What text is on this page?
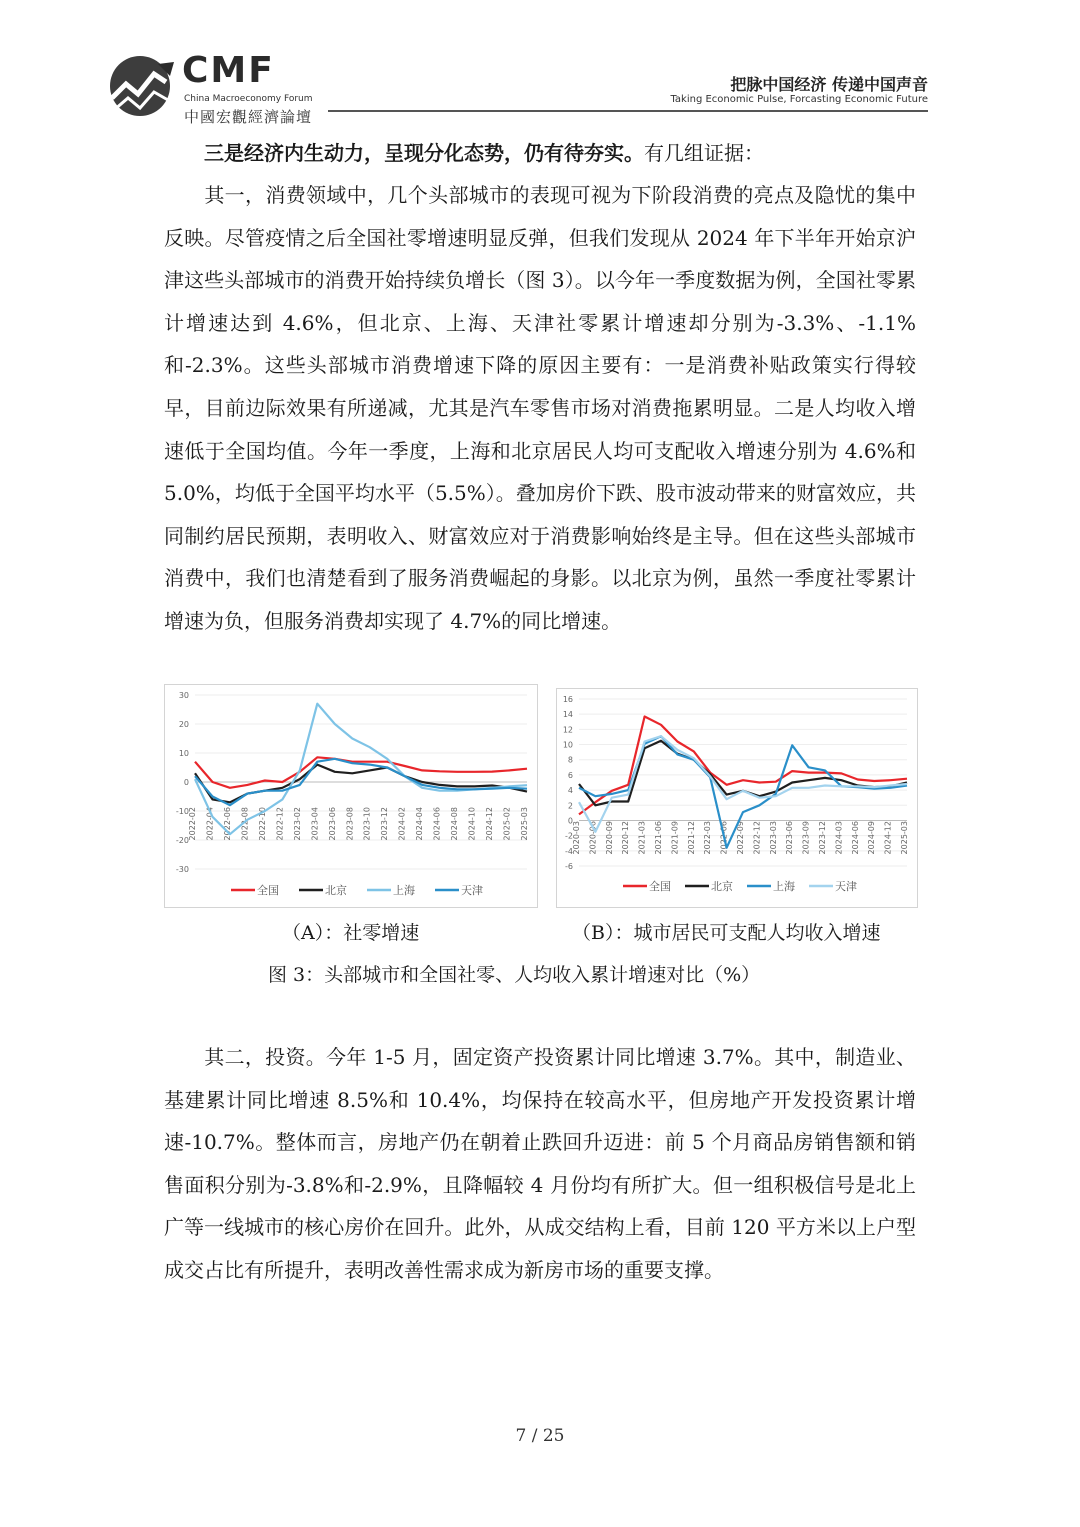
CMF
China Macroeconomy Forum
中國宏觀經濟論壇
把脉中国经济 传递中国声音
Taking Economic Pulse, Forcasting Economic Future
  三是经济内生动力，呈现分化态势，仍有待夯实。有几组证据：
  其一，消费领域中，几个头部城市的表现可视为下阶段消费的亮点及隐忧的集中反映。尽管疫情之后全国社零增速明显反弹，但我们发现从 2024 年下半年开始京沪津这些头部城市的消费开始持续负增长（图 3）。以今年一季度数据为例，全国社零累计增速达到 4.6%，但北京、上海、天津社零累计增速却分别为-3.3%、-1.1%和-2.3%。这些头部城市消费增速下降的原因主要有：一是消费补贴政策实行得较早，目前边际效果有所递减，尤其是汽车零售市场对消费拖累明显。二是人均收入增速低于全国均值。今年一季度，上海和北京居民人均可支配收入增速分别为 4.6%和 5.0%，均低于全国平均水平（5.5%）。叠加房价下跌、股市波动带来的财富效应，共同制约居民预期，表明收入、财富效应对于消费影响始终是主导。但在这些头部城市消费中，我们也清楚看到了服务消费崛起的身影。以北京为例，虽然一季度社零累计增速为负，但服务消费却实现了 4.7%的同比增速。
30
20
10
0
-10
-20
-30
2022-02 2022-04 2022-06 2022-08 2022-10 2022-12 2023-02 2023-04 2023-06 2023-08 2023-10 2023-12 2024-02 2024-04 2024-06 2024-08 2024-10 2024-12 2025-02 2025-03
全国	北京	上海	天津
16
14
12
10
8
6
4
2
0
-2
-4
-6
2020-03 2020-06 2020-09 2020-12 2021-03 2021-06 2021-09 2021-12 2022-03 2022-06 2022-09 2022-12 2023-03 2023-06 2023-09 2023-12 2024-03 2024-06 2024-09 2024-12 2025-03
全国	北京	上海	天津
（A）：社零增速	（B）：城市居民可支配人均收入增速
图 3：头部城市和全国社零、人均收入累计增速对比（%）
  其二，投资。今年 1-5 月，固定资产投资累计同比增速 3.7%。其中，制造业、基建累计同比增速 8.5%和 10.4%，均保持在较高水平，但房地产开发投资累计增速-10.7%。整体而言，房地产仍在朝着止跌回升迈进：前 5 个月商品房销售额和销售面积分别为-3.8%和-2.9%，且降幅较 4 月份均有所扩大。但一组积极信号是北上广等一线城市的核心房价在回升。此外，从成交结构上看，目前 120 平方米以上户型成交占比有所提升，表明改善性需求成为新房市场的重要支撑。
7 / 25
